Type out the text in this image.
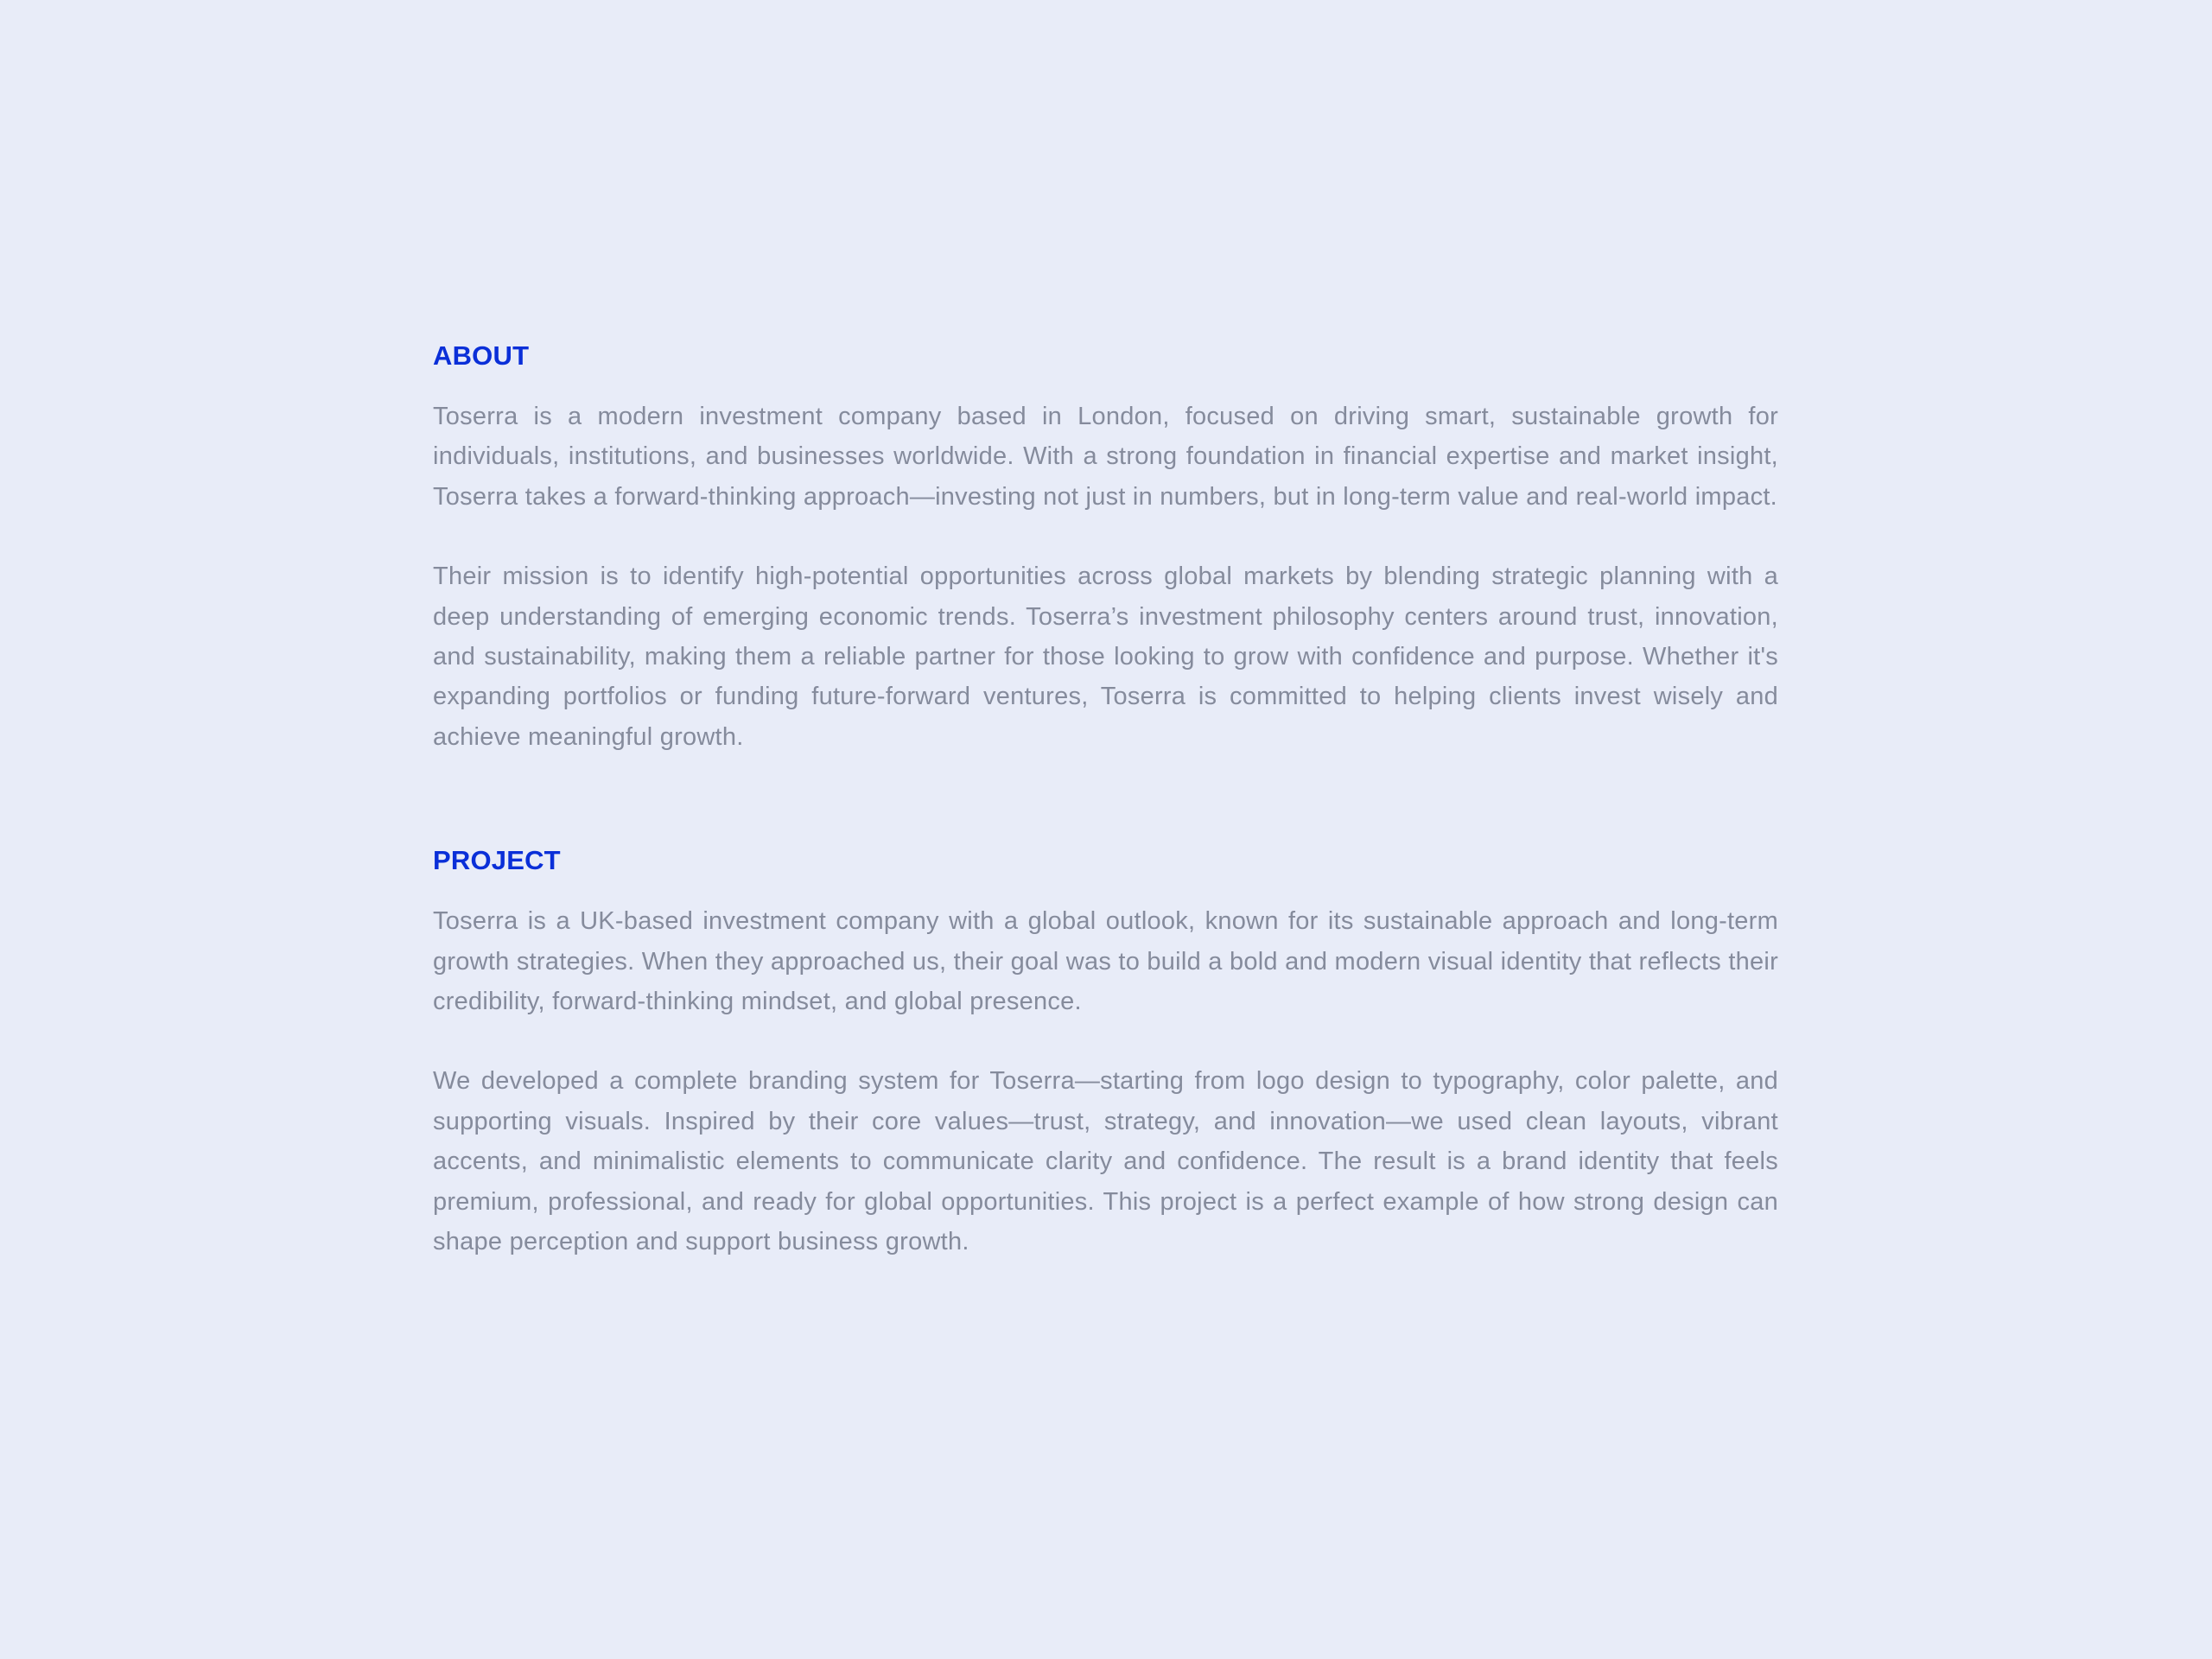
ABOUT

Toserra is a modern investment company based in London, focused on driving smart, sustainable growth for individuals, institutions, and businesses worldwide. With a strong foundation in financial expertise and market insight, Toserra takes a forward-thinking approach—investing not just in numbers, but in long-term value and real-world impact.

Their mission is to identify high-potential opportunities across global markets by blending strategic planning with a deep understanding of emerging economic trends. Toserra’s investment philosophy centers around trust, innovation, and sustainability, making them a reliable partner for those looking to grow with confidence and purpose. Whether it's expanding portfolios or funding future-forward ventures, Toserra is committed to helping clients invest wisely and achieve meaningful growth.

PROJECT

Toserra is a UK-based investment company with a global outlook, known for its sustainable approach and long-term growth strategies. When they approached us, their goal was to build a bold and modern visual identity that reflects their credibility, forward-thinking mindset, and global presence.

We developed a complete branding system for Toserra—starting from logo design to typography, color palette, and supporting visuals. Inspired by their core values—trust, strategy, and innovation—we used clean layouts, vibrant accents, and minimalistic elements to communicate clarity and confidence. The result is a brand identity that feels premium, professional, and ready for global opportunities. This project is a perfect example of how strong design can shape perception and support business growth.
